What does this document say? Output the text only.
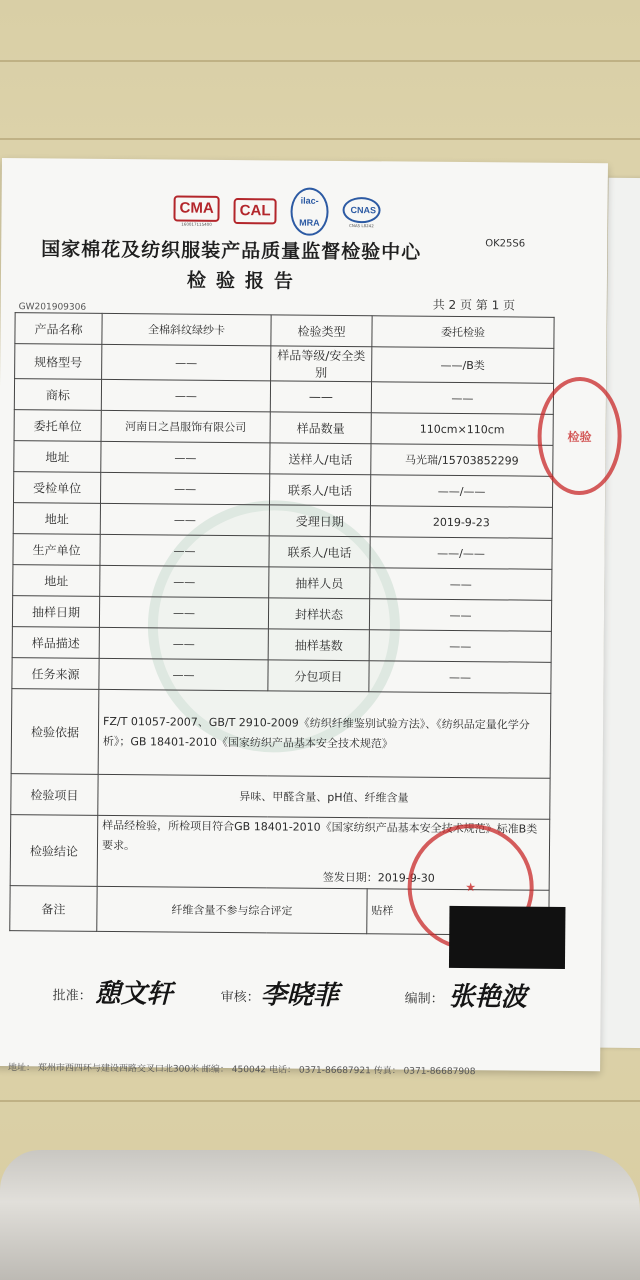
CMA
160017115400
CAL
ilac-MRA
CNAS
CNAS L8242
国家棉花及纺织服装产品质量监督检验中心	OK25S6
检验报告
GW201909306	共 2 页 第 1 页
产品名称	全棉斜纹绿纱卡	检验类型	委托检验
规格型号	——	样品等级/安全类别	——/B类
商标	——	——	——
委托单位	河南日之昌服饰有限公司	样品数量	110cm×110cm
地址	——	送样人/电话	马光瑞/15703852299
受检单位	——	联系人/电话	——/——
地址	——	受理日期	2019-9-23
生产单位	——	联系人/电话	——/——
地址	——	抽样人员	——
抽样日期	——	封样状态	——
样品描述	——	抽样基数	——
任务来源	——	分包项目	——
检验依据	FZ/T 01057-2007、GB/T 2910-2009《纺织纤维鉴别试验方法》、《纺织品定量化学分析》；GB 18401-2010《国家纺织产品基本安全技术规范》		
检验项目	异味、甲醛含量、pH值、纤维含量		
检验结论	样品经检验，所检项目符合GB 18401-2010《国家纺织产品基本安全技术规范》标准B类要求。
签发日期：2019-9-30		

备注	纤维含量不参与综合评定		贴样
检验
★
批准： 憩文轩	审核： 李晓菲	编制： 张艳波
地址： 郑州市西四环与建设西路交叉口北300米 邮编： 450042 电话： 0371-86687921 传真： 0371-86687908
